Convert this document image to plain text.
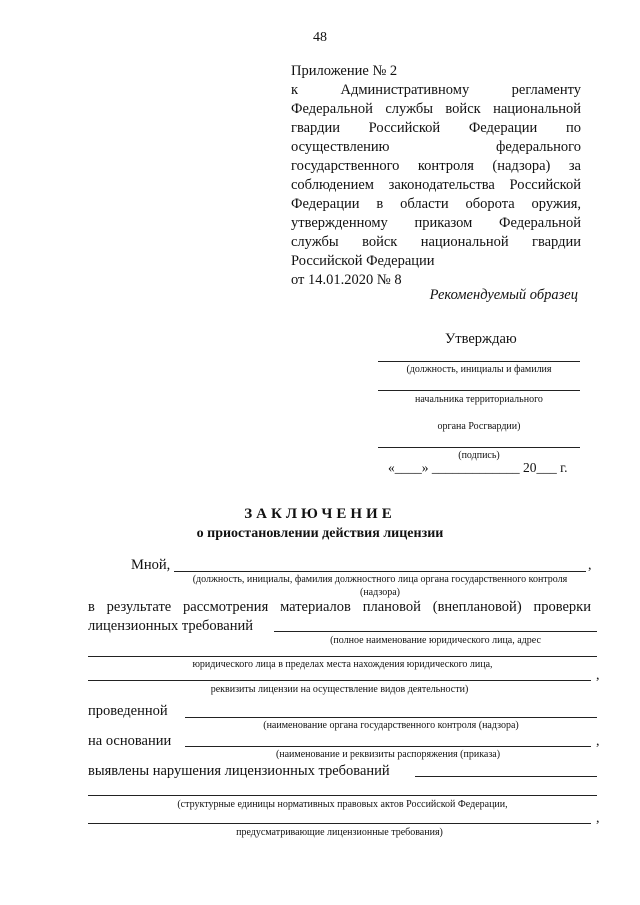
48
Приложение № 2
к Административному регламенту
Федеральной службы войск национальной
гвардии Российской Федерации по
осуществлению федерального
государственного контроля (надзора) за
соблюдением законодательства Российской
Федерации в области оборота оружия,
утвержденному приказом Федеральной
службы войск национальной гвардии
Российской Федерации
от 14.01.2020 № 8
Рекомендуемый образец
Утверждаю
(должность, инициалы и фамилия
начальника территориального
органа Росгвардии)
(подпись)
«____» _____________ 20___ г.
ЗАКЛЮЧЕНИЕ
о приостановлении действия лицензии
Мной,	,
(должность, инициалы, фамилия должностного лица органа государственного контроля
(надзора)
в результате рассмотрения материалов плановой (внеплановой) проверки
лицензионных требований
(полное наименование юридического лица, адрес
юридического лица в пределах места нахождения юридического лица,
,
реквизиты лицензии на осуществление видов деятельности)
проведенной
(наименование органа государственного контроля (надзора)
на основании	,
(наименование и реквизиты распоряжения (приказа)
выявлены нарушения лицензионных требований
(структурные единицы нормативных правовых актов Российской Федерации,
,
предусматривающие лицензионные требования)
